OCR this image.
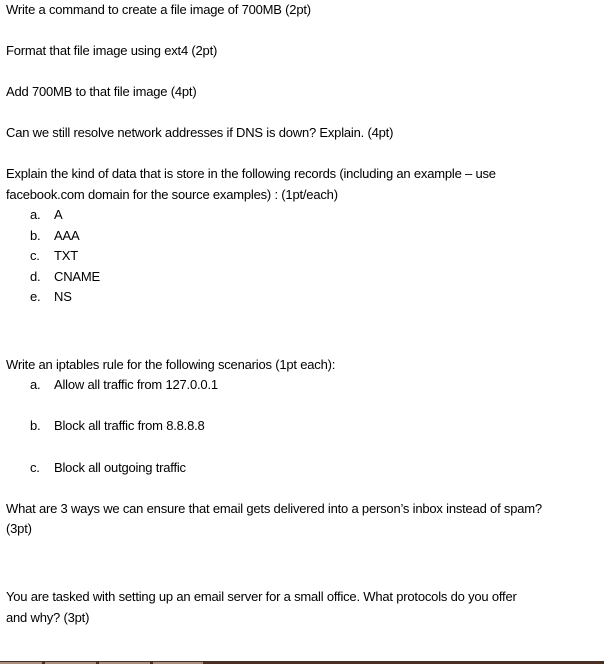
Write a command to create a file image of 700MB (2pt)
Format that file image using ext4 (2pt)
Add 700MB to that file image (4pt)
Can we still resolve network addresses if DNS is down? Explain. (4pt)
Explain the kind of data that is store in the following records (including an example – use
facebook.com domain for the source examples) : (1pt/each)
a. A
b. AAA
c. TXT
d. CNAME
e. NS
Write an iptables rule for the following scenarios (1pt each):
a. Allow all traffic from 127.0.0.1
b. Block all traffic from 8.8.8.8
c. Block all outgoing traffic
What are 3 ways we can ensure that email gets delivered into a person’s inbox instead of spam?
(3pt)
You are tasked with setting up an email server for a small office. What protocols do you offer
and why? (3pt)
